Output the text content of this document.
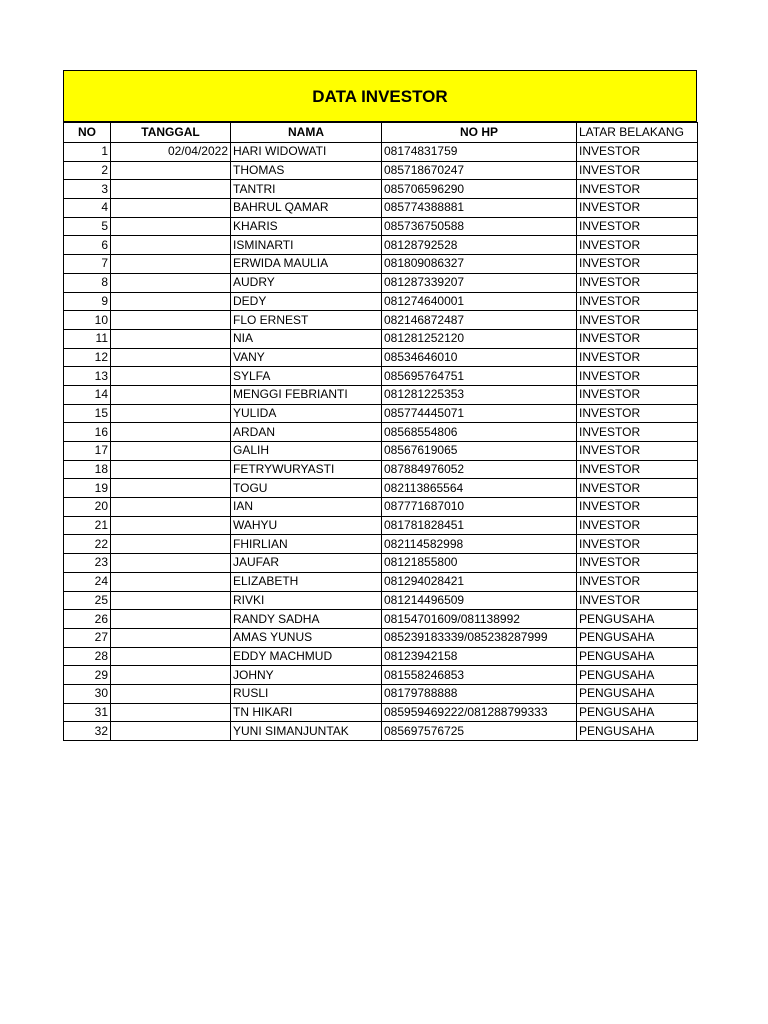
DATA INVESTOR
NO	TANGGAL	NAMA	NO HP	LATAR BELAKANG
1	02/04/2022	HARI WIDOWATI	08174831759	INVESTOR
2		THOMAS	085718670247	INVESTOR
3		TANTRI	085706596290	INVESTOR
4		BAHRUL QAMAR	085774388881	INVESTOR
5		KHARIS	085736750588	INVESTOR
6		ISMINARTI	08128792528	INVESTOR
7		ERWIDA MAULIA	081809086327	INVESTOR
8		AUDRY	081287339207	INVESTOR
9		DEDY	081274640001	INVESTOR
10		FLO ERNEST	082146872487	INVESTOR
11		NIA	081281252120	INVESTOR
12		VANY	08534646010	INVESTOR
13		SYLFA	085695764751	INVESTOR
14		MENGGI FEBRIANTI	081281225353	INVESTOR
15		YULIDA	085774445071	INVESTOR
16		ARDAN	08568554806	INVESTOR
17		GALIH	08567619065	INVESTOR
18		FETRYWURYASTI	087884976052	INVESTOR
19		TOGU	082113865564	INVESTOR
20		IAN	087771687010	INVESTOR
21		WAHYU	081781828451	INVESTOR
22		FHIRLIAN	082114582998	INVESTOR
23		JAUFAR	08121855800	INVESTOR
24		ELIZABETH	081294028421	INVESTOR
25		RIVKI	081214496509	INVESTOR
26		RANDY SADHA	08154701609/081138992	PENGUSAHA
27		AMAS YUNUS	085239183339/085238287999	PENGUSAHA
28		EDDY MACHMUD	08123942158	PENGUSAHA
29		JOHNY	081558246853	PENGUSAHA
30		RUSLI	08179788888	PENGUSAHA
31		TN HIKARI	085959469222/081288799333	PENGUSAHA
32		YUNI SIMANJUNTAK	085697576725	PENGUSAHA
